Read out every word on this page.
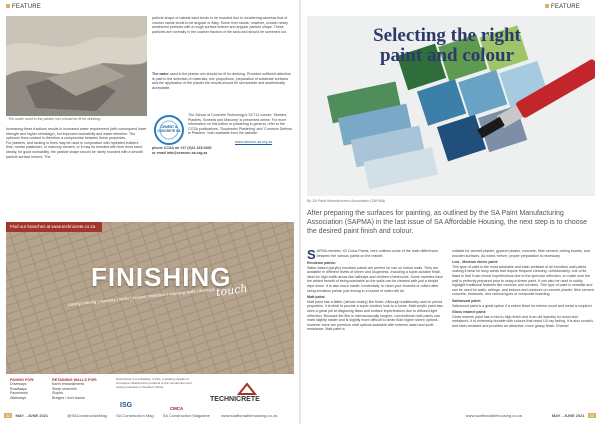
FEATURE
The water used in the plaster mix should be fit for drinking.
Increasing these fractions results in increased water requirement (with consequent lower strength and higher shrinkage), but improved workability and water retention. The optimum fines content is therefore a compromise between these properties.
For plasters, and tacking in fines may be used in conjunction with hydrated builders' lime, mortar plasticiser, or masonry cement, or it may be blended with finer fines sand.
Ideally, for good workability, the particle shape should be nicely rounded with a smooth particle surface texture. The
particle shape of natural sand tends to be rounded due to weathering whereas that of crusher sands tends to be angular or flaky. Some river sands, however, contain newly weathered particles with a rough surface texture and angular particle shape. These particles are normally in the coarser fraction of the sand and should be screened out.
The water used in the plaster mix should be fit for drinking. Provided sufficient attention is paid to the selection of materials, mix proportions, preparation of substrate surfaces and the application of the plaster the results should be serviceable and aesthetically acceptable.
CEMENT & CONCRETE SA
The School of Concrete Technology's SCT12 course, 'Mortars, Plasters, Screeds and Masonry' is presented online. For more information on this tuition or plastering in general, refer to the CCSA publications, 'Successful Plastering' and 'Common Defects in Plasters', both available from the website:
www.cemcon-sa.org.za
phone CCSA on +27 (0)11 315 0300
or email info@cemcon-sa.org.za
Find our branches at www.technicrete.co.za
FINISHING
touch
paving | mining | masonry | kerbs | erosion protection | retaining walls | drainage
PAVING FOR:
Driveways
Roadways
Pavements
Walkways
RETAINING WALLS FOR:
Earth embankments
Steep channels
Slopes
Bridges / river banks
Technicrete is a subsidiary of ISG, a leading supplier of innovative infrastructure products to the construction and mining industries in Southern Africa.
ISG	CMCA
TECHNICRETE
22 MAY - JUNE 2021	@SAConstructionMag SA Construction Mag SA Construction Magazine	www.saaffordablehousing.co.za
FEATURE
Selecting the right
paint and colour
By SA Paint Manufacturers Association (SAPMA)
After preparing the surfaces for painting, as outlined by the SA Paint Manufacturing Association (SAPMA) in the last issue of SA Affordable Housing, the next step is to choose the desired paint finish and colour.
SAPMA member, ICI Dulux Paints, here outlines some of the main differences between the various paints on the market.
Emulsion paints:
Water-based (acrylic) emulsion paints are perfect for use on indoor walls. They are available in different levels of sheen and toughness. Including a super-durable finish ideal for high traffic areas like hallways and children's bedrooms. Some varieties have the added benefit of being washable so the walls can be cleaned with just a simple wipe down. It is also much easier, incidentally, to clean your brushes or rollers after using emulsion paints: just rinsing in a bucket of water will do.
Matt paint:
Matt paint has a flatter (almost chalky) like finish. Although traditionally used in period properties, it is ideal to provide a super-modern look to a home. Matt acrylic paint also does a great job at disguising flaws and surface imperfections due to diffused light reflection. Because the film is microscopically rougher, conventional matt paints can mark slightly easier and is slightly more difficult to clean than higher sheen options, however there are premium matt options available with extreme wash and scuff-resistance. Matt paint is
suitable for cement plaster, gypsum plaster, concrete, fibre cement, ceiling boards, and wooden surfaces. As noted, before, proper preparation is necessary.
Low - Medium sheen paint:
This type of paint is the most washable and stain-resistant of all emulsion wall paints, making it ideal for busy areas that require frequent cleaning. Unfortunately, one of its flaws is that it can reveal imperfections due to the specular reflection, so make sure the wall is perfectly prepared prior to using a sheen paint. It can also be used to subtly highlight traditional features like cornices and cornices. This type of paint is versatile and can be used for walls, ceilings, and indoors and outdoors on cement plaster, fibre cement, concrete, brickwork, and various types of composite boarding.
Satinwood paint:
Satinwood paint is a great option if a sheen finish for interior wood and metal is required.
Gloss enamel paint:
Gloss enamel paint has a mid-to-high finish and is an old standby for wood and metalwork. It is extremely durable with colours that resist UV-ray fading. It is also scratch- and stain-resistant and provides an attractive, more glossy finish. Enamel
www.saaffordablehousing.co.za	MAY - JUNE 2021 23
